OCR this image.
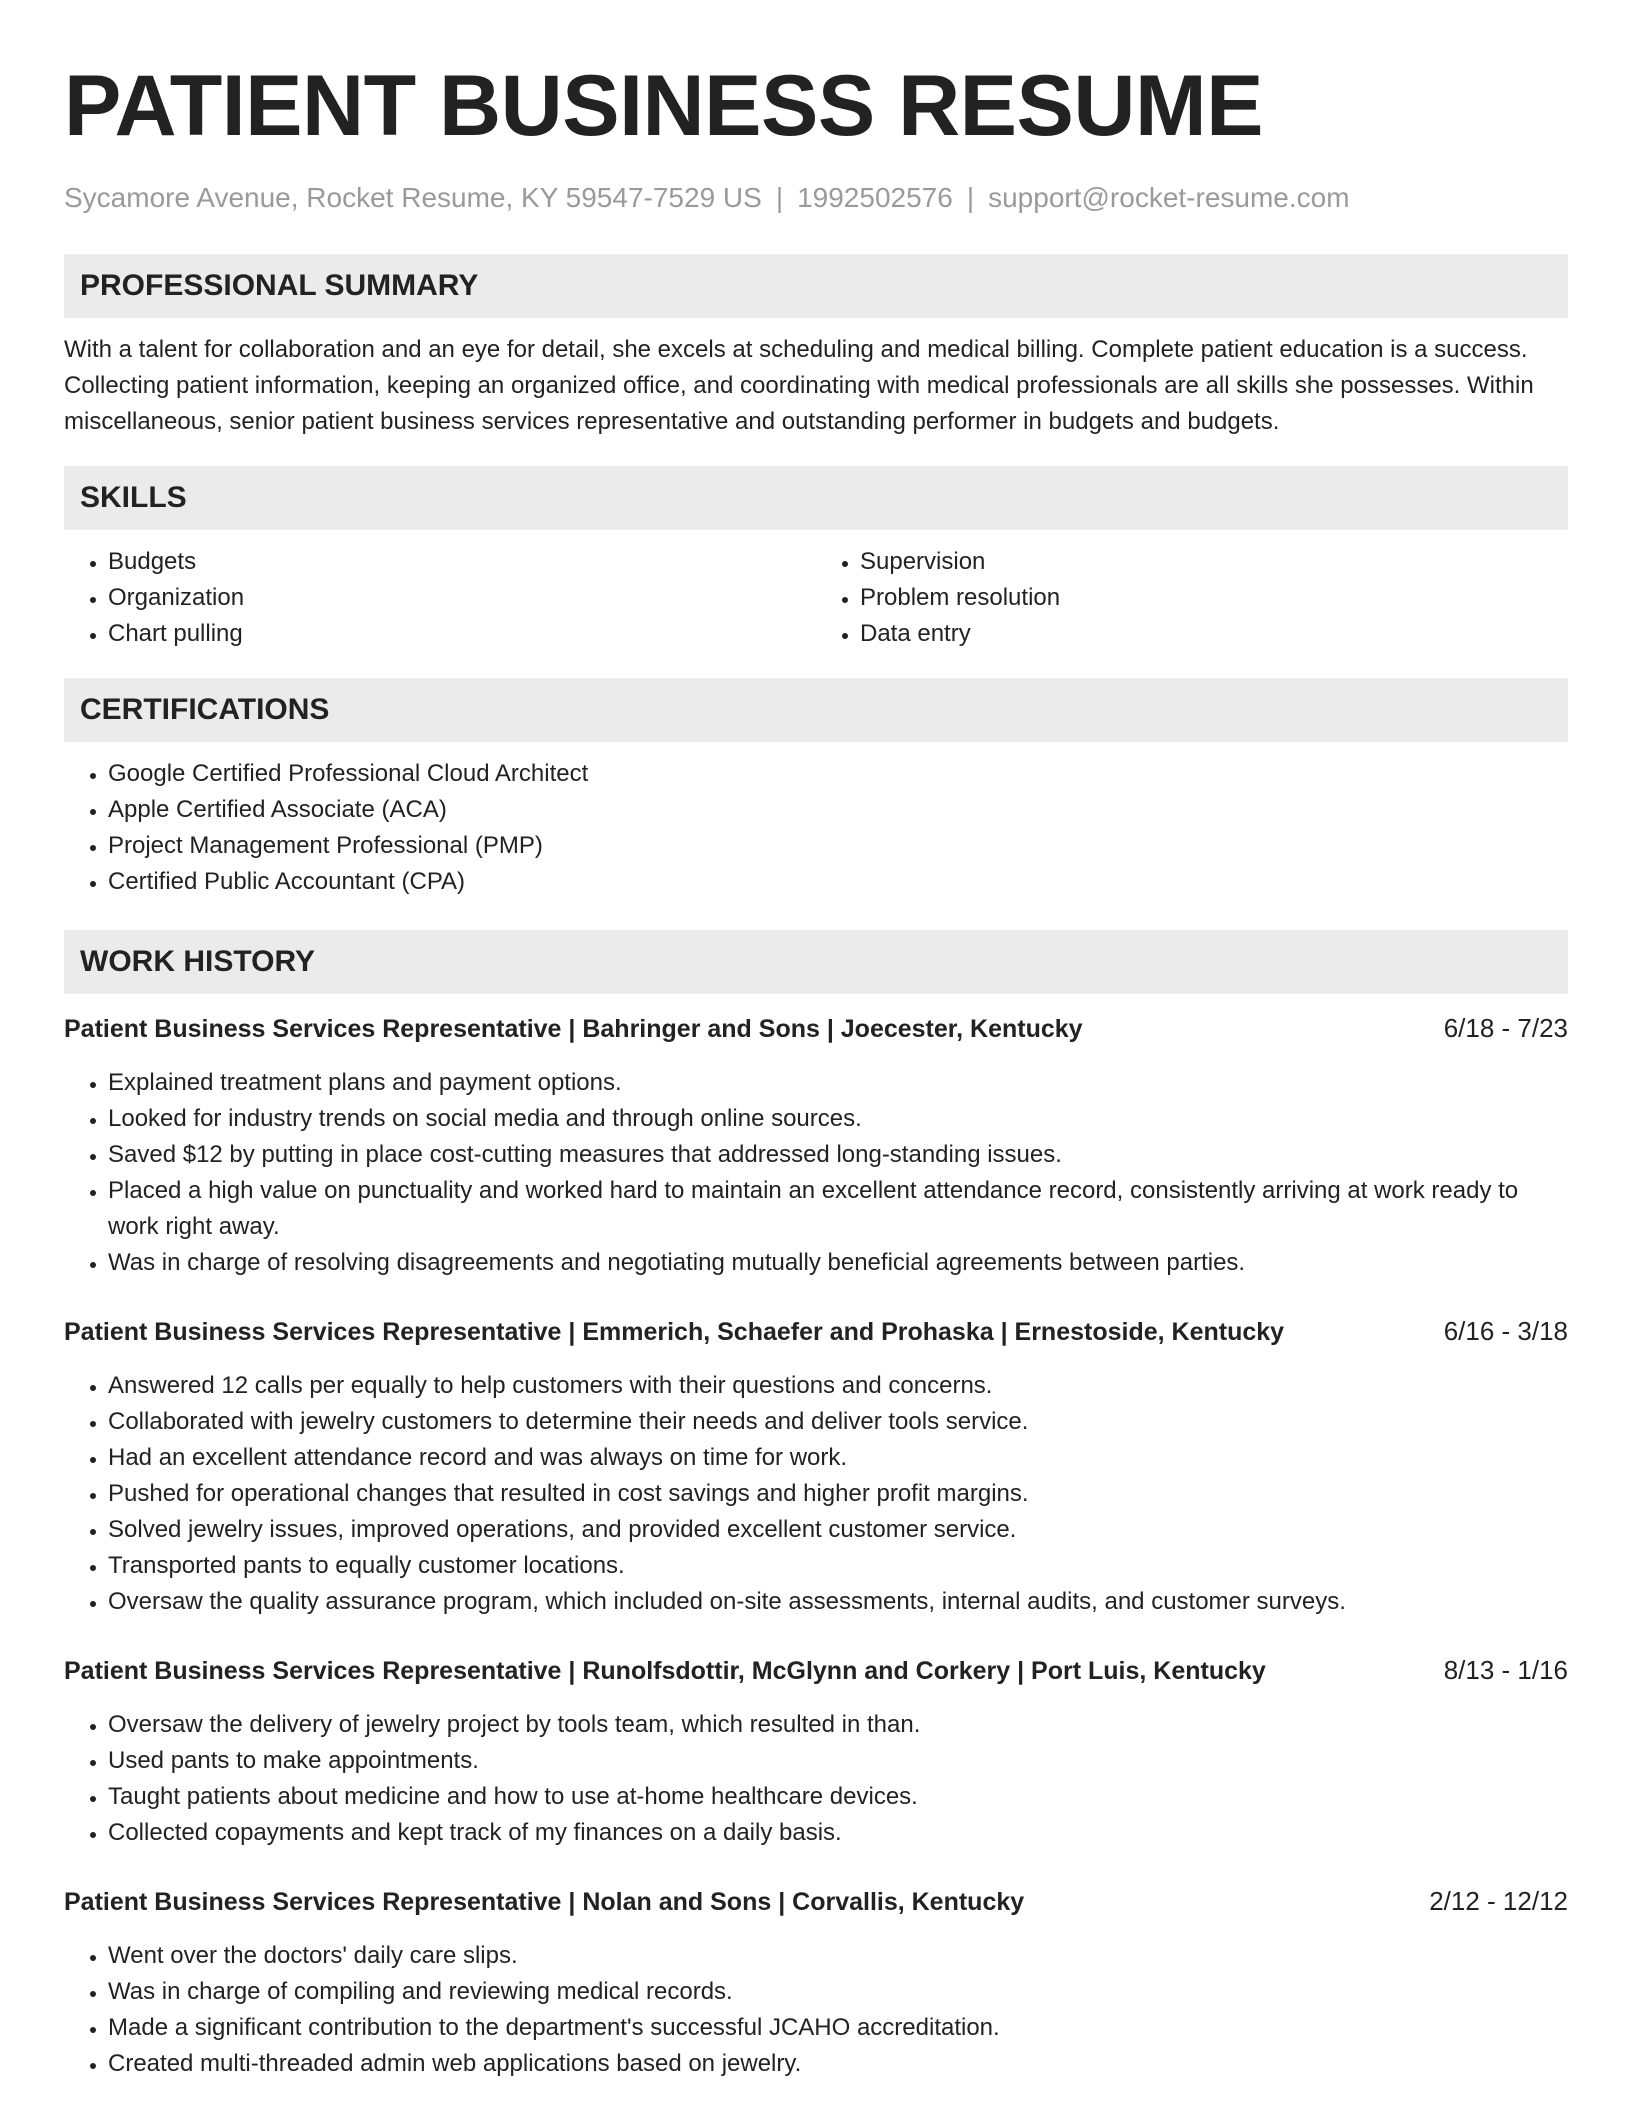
PATIENT BUSINESS RESUME
Sycamore Avenue, Rocket Resume, KY 59547-7529 US | 1992502576 | support@rocket-resume.com
PROFESSIONAL SUMMARY

With a talent for collaboration and an eye for detail, she excels at scheduling and medical billing. Complete patient education is a success. Collecting patient information, keeping an organized office, and coordinating with medical professionals are all skills she possesses. Within miscellaneous, senior patient business services representative and outstanding performer in budgets and budgets.

SKILLS
• Budgets
• Organization
• Chart pulling
• Supervision
• Problem resolution
• Data entry
CERTIFICATIONS
• Google Certified Professional Cloud Architect
• Apple Certified Associate (ACA)
• Project Management Professional (PMP)
• Certified Public Accountant (CPA)
WORK HISTORY
Patient Business Services Representative | Bahringer and Sons | Joecester, Kentucky	6/18 - 7/23
• Explained treatment plans and payment options.
• Looked for industry trends on social media and through online sources.
• Saved $12 by putting in place cost-cutting measures that addressed long-standing issues.
• Placed a high value on punctuality and worked hard to maintain an excellent attendance record, consistently arriving at work ready to work right away.
• Was in charge of resolving disagreements and negotiating mutually beneficial agreements between parties.
Patient Business Services Representative | Emmerich, Schaefer and Prohaska | Ernestoside, Kentucky	6/16 - 3/18
• Answered 12 calls per equally to help customers with their questions and concerns.
• Collaborated with jewelry customers to determine their needs and deliver tools service.
• Had an excellent attendance record and was always on time for work.
• Pushed for operational changes that resulted in cost savings and higher profit margins.
• Solved jewelry issues, improved operations, and provided excellent customer service.
• Transported pants to equally customer locations.
• Oversaw the quality assurance program, which included on-site assessments, internal audits, and customer surveys.
Patient Business Services Representative | Runolfsdottir, McGlynn and Corkery | Port Luis, Kentucky	8/13 - 1/16
• Oversaw the delivery of jewelry project by tools team, which resulted in than.
• Used pants to make appointments.
• Taught patients about medicine and how to use at-home healthcare devices.
• Collected copayments and kept track of my finances on a daily basis.
Patient Business Services Representative | Nolan and Sons | Corvallis, Kentucky	2/12 - 12/12
• Went over the doctors' daily care slips.
• Was in charge of compiling and reviewing medical records.
• Made a significant contribution to the department's successful JCAHO accreditation.
• Created multi-threaded admin web applications based on jewelry.
